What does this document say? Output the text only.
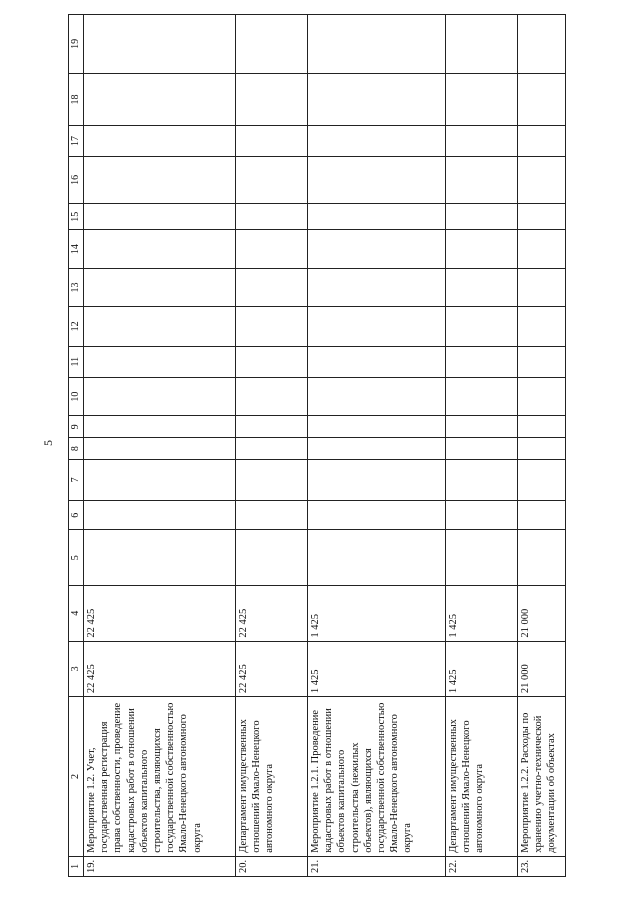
5
1	2	3	4	5	6	7	8	9	10	11	12	13	14	15	16	17	18	19
19.	Мероприятие 1.2. Учет, государственная регистрация права собственности, проведение кадастровых работ в отношении объектов капитального строительства, являющихся государственной собственностью Ямало-Ненецкого автономного округа	22 425	22 425															
20.	Департамент имущественных отношений Ямало-Ненецкого автономного округа	22 425	22 425															
21.	Мероприятие 1.2.1. Проведение кадастровых работ в отношении объектов капитального строительства (нежилых объектов), являющихся государственной собственностью Ямало-Ненецкого автономного округа	1 425	1 425															
22.	Департамент имущественных отношений Ямало-Ненецкого автономного округа	1 425	1 425															
23.	Мероприятие 1.2.2. Расходы по хранению учетно-технической документации об объектах	21 000	21 000															
